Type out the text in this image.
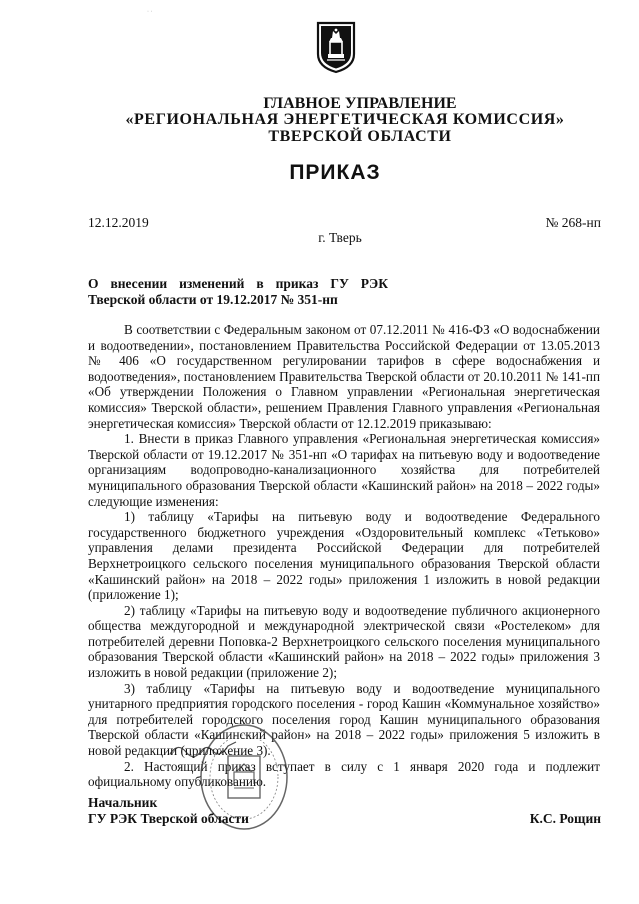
· ·
ГЛАВНОЕ УПРАВЛЕНИЕ
«РЕГИОНАЛЬНАЯ ЭНЕРГЕТИЧЕСКАЯ КОМИССИЯ»
ТВЕРСКОЙ ОБЛАСТИ
ПРИКАЗ
12.12.2019	№ 268-нп
г. Тверь
О внесении изменений в приказ ГУ РЭК
Тверской области от 19.12.2017 № 351-нп

В соответствии с Федеральным законом от 07.12.2011 № 416-ФЗ «О водоснабжении и водоотведении», постановлением Правительства Российской Федерации от 13.05.2013 № 406 «О государственном регулировании тарифов в сфере водоснабжения и водоотведения», постановлением Правительства Тверской области от 20.10.2011 № 141-пп «Об утверждении Положения о Главном управлении «Региональная энергетическая комиссия» Тверской области», решением Правления Главного управления «Региональная энергетическая комиссия» Тверской области от 12.12.2019 приказываю:

1. Внести в приказ Главного управления «Региональная энергетическая комиссия» Тверской области от 19.12.2017 № 351-нп «О тарифах на питьевую воду и водоотведение организациям водопроводно-канализационного хозяйства для потребителей муниципального образования Тверской области «Кашинский район» на 2018 – 2022 годы» следующие изменения:

1) таблицу «Тарифы на питьевую воду и водоотведение Федерального государственного бюджетного учреждения «Оздоровительный комплекс «Тетьково» управления делами президента Российской Федерации для потребителей Верхнетроицкого сельского поселения муниципального образования Тверской области «Кашинский район» на 2018 – 2022 годы» приложения 1 изложить в новой редакции (приложение 1);

2) таблицу «Тарифы на питьевую воду и водоотведение публичного акционерного общества междугородной и международной электрической связи «Ростелеком» для потребителей деревни Поповка-2 Верхнетроицкого сельского поселения муниципального образования Тверской области «Кашинский район» на 2018 – 2022 годы» приложения 3 изложить в новой редакции (приложение 2);

3) таблицу «Тарифы на питьевую воду и водоотведение муниципального унитарного предприятия городского поселения - город Кашин «Коммунальное хозяйство» для потребителей городского поселения город Кашин муниципального образования Тверской области «Кашинский район» на 2018 – 2022 годы» приложения 5 изложить в новой редакции (приложение 3).

2. Настоящий приказ вступает в силу с 1 января 2020 года и подлежит официальному опубликованию.

Начальник
ГУ РЭК Тверской области	К.С. Рощин
